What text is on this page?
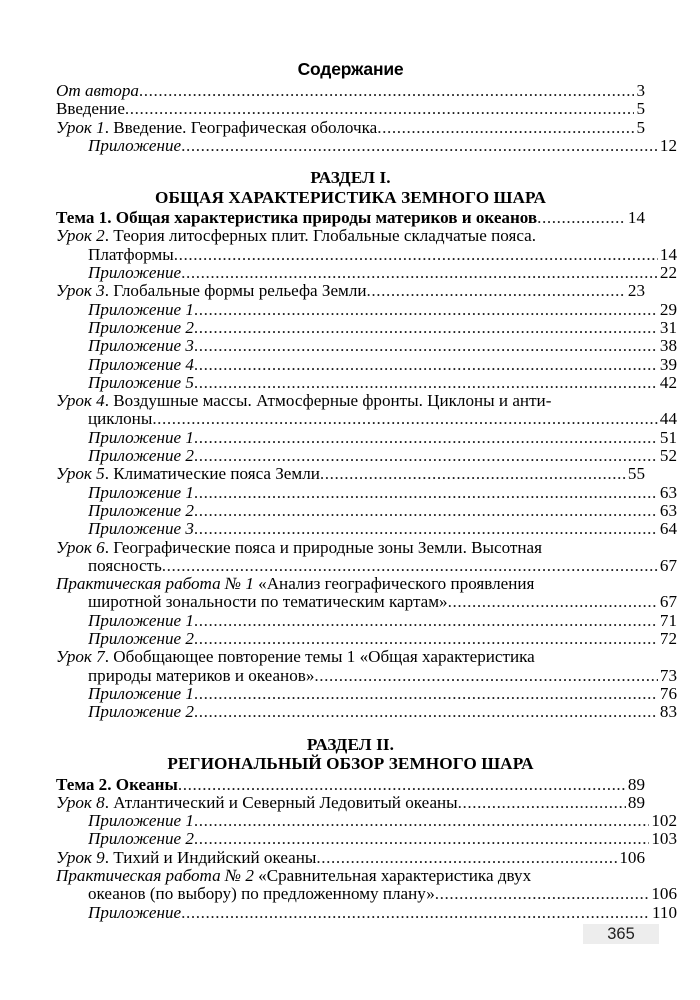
Содержание
От автора .....	3
Введение .....	5
Урок 1. Введение. Географическая оболочка .....	5
Приложение .....	12
РАЗДЕЛ I.
ОБЩАЯ ХАРАКТЕРИСТИКА ЗЕМНОГО ШАРА
Тема 1. Общая характеристика природы материков и океанов .....	14
Урок 2. Теория литосферных плит. Глобальные складчатые пояса.
Платформы .....	14
Приложение .....	22
Урок 3. Глобальные формы рельефа Земли .....	23
Приложение 1 .....	29
Приложение 2 .....	31
Приложение 3 .....	38
Приложение 4 .....	39
Приложение 5 .....	42
Урок 4. Воздушные массы. Атмосферные фронты. Циклоны и анти-
циклоны .....	44
Приложение 1 .....	51
Приложение 2 .....	52
Урок 5. Климатические пояса Земли .....	55
Приложение 1 .....	63
Приложение 2 .....	63
Приложение 3 .....	64
Урок 6. Географические пояса и природные зоны Земли. Высотная
поясность .....	67
Практическая работа № 1 «Анализ географического проявления
широтной зональности по тематическим картам» .....	67
Приложение 1 .....	71
Приложение 2 .....	72
Урок 7. Обобщающее повторение темы 1 «Общая характеристика
природы материков и океанов» .....	73
Приложение 1 .....	76
Приложение 2 .....	83
РАЗДЕЛ II.
РЕГИОНАЛЬНЫЙ ОБЗОР ЗЕМНОГО ШАРА
Тема 2. Океаны .....	89
Урок 8. Атлантический и Северный Ледовитый океаны .....	89
Приложение 1 .....	102
Приложение 2 .....	103
Урок 9. Тихий и Индийский океаны .....	106
Практическая работа № 2 «Сравнительная характеристика двух
океанов (по выбору) по предложенному плану» .....	106
Приложение .....	110
365
